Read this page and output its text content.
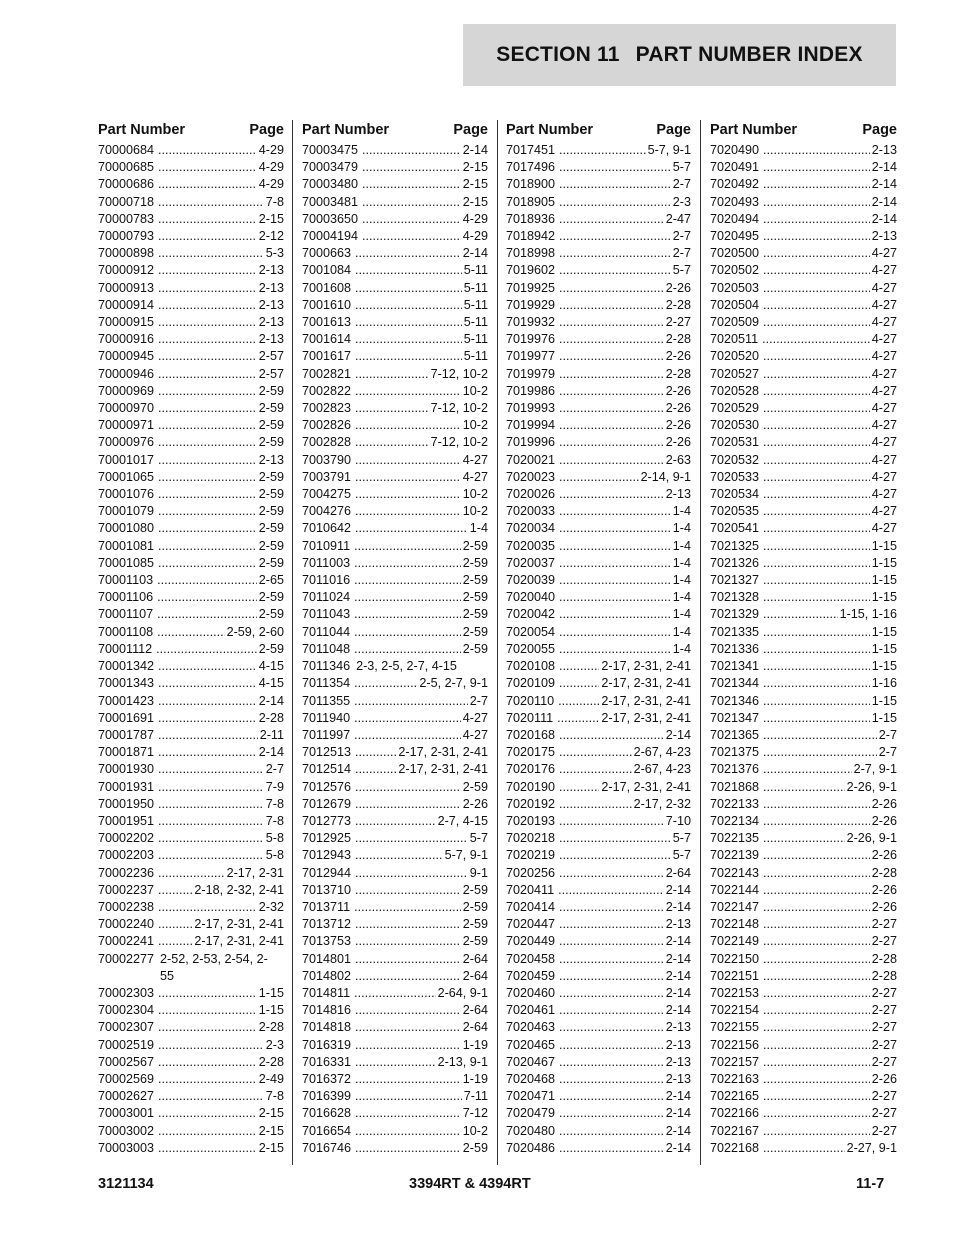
SECTION 11 PART NUMBER INDEX
Part Number	Page
70000684 .....	4-29
70000685 .....	4-29
70000686 .....	4-29
70000718 .....	7-8
70000783 .....	2-15
70000793 .....	2-12
70000898 .....	5-3
70000912 .....	2-13
70000913 .....	2-13
70000914 .....	2-13
70000915 .....	2-13
70000916 .....	2-13
70000945 .....	2-57
70000946 .....	2-57
70000969 .....	2-59
70000970 .....	2-59
70000971 .....	2-59
70000976 .....	2-59
70001017 .....	2-13
70001065 .....	2-59
70001076 .....	2-59
70001079 .....	2-59
70001080 .....	2-59
70001081 .....	2-59
70001085 .....	2-59
70001103 .....	2-65
70001106 .....	2-59
70001107 .....	2-59
70001108 .....	2-59, 2-60
70001112 .....	2-59
70001342 .....	4-15
70001343 .....	4-15
70001423 .....	2-14
70001691 .....	2-28
70001787 .....	2-11
70001871 .....	2-14
70001930 .....	2-7
70001931 .....	7-9
70001950 .....	7-8
70001951 .....	7-8
70002202 .....	5-8
70002203 .....	5-8
70002236 .....	2-17, 2-31
70002237 .....	2-18, 2-32, 2-41
70002238 .....	2-32
70002240 .....	2-17, 2-31, 2-41
70002241 .....	2-17, 2-31, 2-41
70002277 2-52, 2-53, 2-54, 2-55
70002303 .....	1-15
70002304 .....	1-15
70002307 .....	2-28
70002519 .....	2-3
70002567 .....	2-28
70002569 .....	2-49
70002627 .....	7-8
70003001 .....	2-15
70003002 .....	2-15
70003003 .....	2-15
Part Number	Page
70003475 .....	2-14
70003479 .....	2-15
70003480 .....	2-15
70003481 .....	2-15
70003650 .....	4-29
70004194 .....	4-29
7000663 .....	2-14
7001084 .....	5-11
7001608 .....	5-11
7001610 .....	5-11
7001613 .....	5-11
7001614 .....	5-11
7001617 .....	5-11
7002821 .....	7-12, 10-2
7002822 .....	10-2
7002823 .....	7-12, 10-2
7002826 .....	10-2
7002828 .....	7-12, 10-2
7003790 .....	4-27
7003791 .....	4-27
7004275 .....	10-2
7004276 .....	10-2
7010642 .....	1-4
7010911 .....	2-59
7011003 .....	2-59
7011016 .....	2-59
7011024 .....	2-59
7011043 .....	2-59
7011044 .....	2-59
7011048 .....	2-59
7011346 2-3, 2-5, 2-7, 4-15
7011354 .....	2-5, 2-7, 9-1
7011355 .....	2-7
7011940 .....	4-27
7011997 .....	4-27
7012513 .....	2-17, 2-31, 2-41
7012514 .....	2-17, 2-31, 2-41
7012576 .....	2-59
7012679 .....	2-26
7012773 .....	2-7, 4-15
7012925 .....	5-7
7012943 .....	5-7, 9-1
7012944 .....	9-1
7013710 .....	2-59
7013711 .....	2-59
7013712 .....	2-59
7013753 .....	2-59
7014801 .....	2-64
7014802 .....	2-64
7014811 .....	2-64, 9-1
7014816 .....	2-64
7014818 .....	2-64
7016319 .....	1-19
7016331 .....	2-13, 9-1
7016372 .....	1-19
7016399 .....	7-11
7016628 .....	7-12
7016654 .....	10-2
7016746 .....	2-59
Part Number	Page
7017451 .....	5-7, 9-1
7017496 .....	5-7
7018900 .....	2-7
7018905 .....	2-3
7018936 .....	2-47
7018942 .....	2-7
7018998 .....	2-7
7019602 .....	5-7
7019925 .....	2-26
7019929 .....	2-28
7019932 .....	2-27
7019976 .....	2-28
7019977 .....	2-26
7019979 .....	2-28
7019986 .....	2-26
7019993 .....	2-26
7019994 .....	2-26
7019996 .....	2-26
7020021 .....	2-63
7020023 .....	2-14, 9-1
7020026 .....	2-13
7020033 .....	1-4
7020034 .....	1-4
7020035 .....	1-4
7020037 .....	1-4
7020039 .....	1-4
7020040 .....	1-4
7020042 .....	1-4
7020054 .....	1-4
7020055 .....	1-4
7020108 .....	2-17, 2-31, 2-41
7020109 .....	2-17, 2-31, 2-41
7020110 .....	2-17, 2-31, 2-41
7020111 .....	2-17, 2-31, 2-41
7020168 .....	2-14
7020175 .....	2-67, 4-23
7020176 .....	2-67, 4-23
7020190 .....	2-17, 2-31, 2-41
7020192 .....	2-17, 2-32
7020193 .....	7-10
7020218 .....	5-7
7020219 .....	5-7
7020256 .....	2-64
7020411 .....	2-14
7020414 .....	2-14
7020447 .....	2-13
7020449 .....	2-14
7020458 .....	2-14
7020459 .....	2-14
7020460 .....	2-14
7020461 .....	2-14
7020463 .....	2-13
7020465 .....	2-13
7020467 .....	2-13
7020468 .....	2-13
7020471 .....	2-14
7020479 .....	2-14
7020480 .....	2-14
7020486 .....	2-14
Part Number	Page
7020490 .....	2-13
7020491 .....	2-14
7020492 .....	2-14
7020493 .....	2-14
7020494 .....	2-14
7020495 .....	2-13
7020500 .....	4-27
7020502 .....	4-27
7020503 .....	4-27
7020504 .....	4-27
7020509 .....	4-27
7020511 .....	4-27
7020520 .....	4-27
7020527 .....	4-27
7020528 .....	4-27
7020529 .....	4-27
7020530 .....	4-27
7020531 .....	4-27
7020532 .....	4-27
7020533 .....	4-27
7020534 .....	4-27
7020535 .....	4-27
7020541 .....	4-27
7021325 .....	1-15
7021326 .....	1-15
7021327 .....	1-15
7021328 .....	1-15
7021329 .....	1-15, 1-16
7021335 .....	1-15
7021336 .....	1-15
7021341 .....	1-15
7021344 .....	1-16
7021346 .....	1-15
7021347 .....	1-15
7021365 .....	2-7
7021375 .....	2-7
7021376 .....	2-7, 9-1
7021868 .....	2-26, 9-1
7022133 .....	2-26
7022134 .....	2-26
7022135 .....	2-26, 9-1
7022139 .....	2-26
7022143 .....	2-28
7022144 .....	2-26
7022147 .....	2-26
7022148 .....	2-27
7022149 .....	2-27
7022150 .....	2-28
7022151 .....	2-28
7022153 .....	2-27
7022154 .....	2-27
7022155 .....	2-27
7022156 .....	2-27
7022157 .....	2-27
7022163 .....	2-26
7022165 .....	2-27
7022166 .....	2-27
7022167 .....	2-27
7022168 .....	2-27, 9-1
3121134	3394RT & 4394RT	11-7
